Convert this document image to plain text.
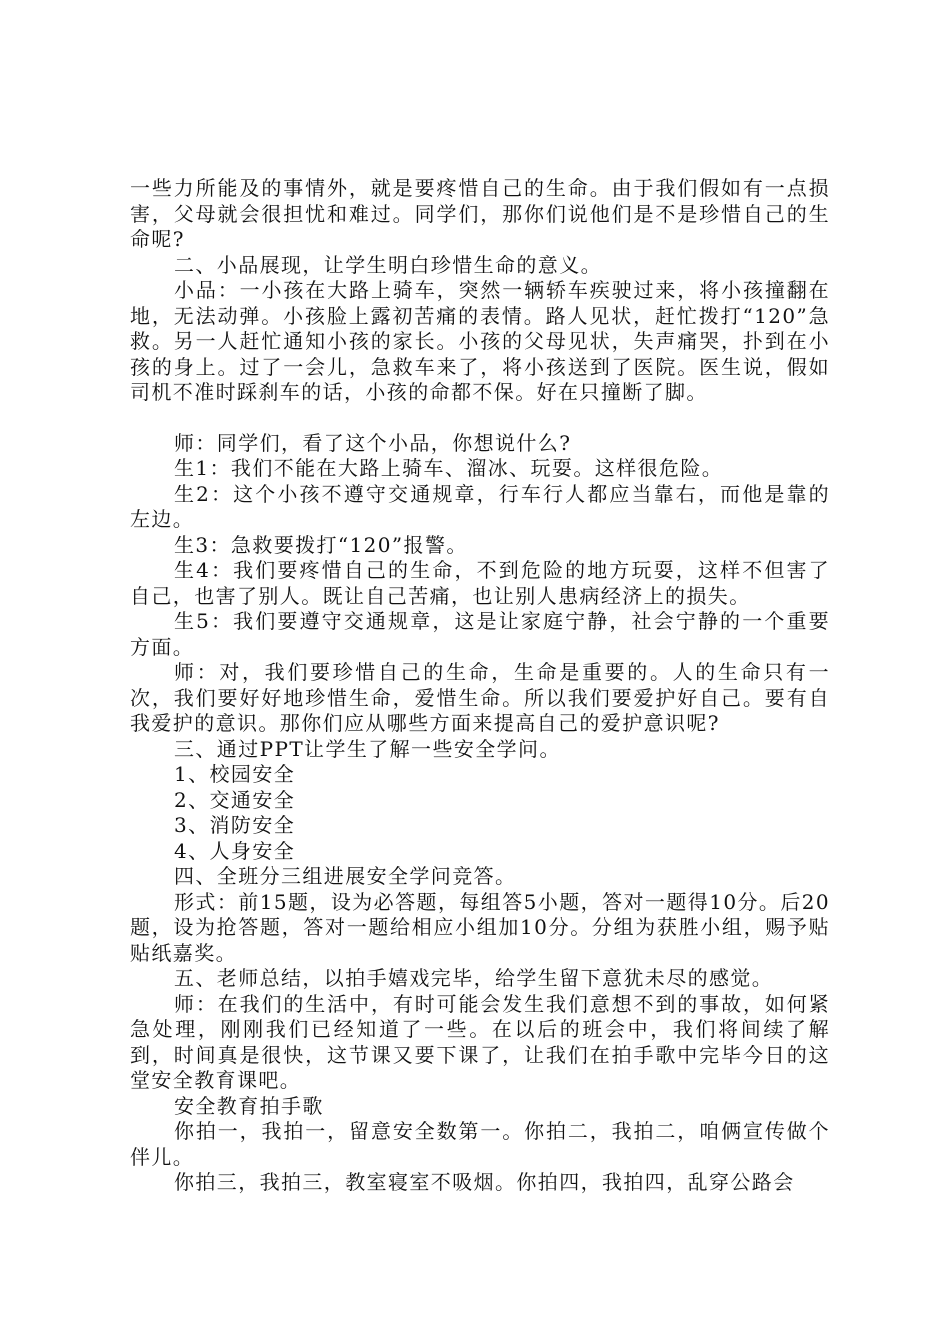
一些力所能及的事情外，就是要疼惜自己的生命。由于我们假如有一点损害，父母就会很担忧和难过。同学们，那你们说他们是不是珍惜自己的生命呢?

二、小品展现，让学生明白珍惜生命的意义。

小品：一小孩在大路上骑车，突然一辆轿车疾驶过来，将小孩撞翻在地，无法动弹。小孩脸上露初苦痛的表情。路人见状，赶忙拨打“120”急救。另一人赶忙通知小孩的家长。小孩的父母见状，失声痛哭，扑到在小孩的身上。过了一会儿，急救车来了，将小孩送到了医院。医生说，假如司机不准时踩刹车的话，小孩的命都不保。好在只撞断了脚。

师：同学们，看了这个小品，你想说什么?

生1：我们不能在大路上骑车、溜冰、玩耍。这样很危险。

生2：这个小孩不遵守交通规章，行车行人都应当靠右，而他是靠的左边。

生3：急救要拨打“120”报警。

生4：我们要疼惜自己的生命，不到危险的地方玩耍，这样不但害了自己，也害了别人。既让自己苦痛，也让别人患病经济上的损失。

生5：我们要遵守交通规章，这是让家庭宁静，社会宁静的一个重要方面。

师：对，我们要珍惜自己的生命，生命是重要的。人的生命只有一次，我们要好好地珍惜生命，爱惜生命。所以我们要爱护好自己。要有自我爱护的意识。那你们应从哪些方面来提高自己的爱护意识呢?

三、通过PPT让学生了解一些安全学问。

1、校园安全

2、交通安全

3、消防安全

4、人身安全

四、全班分三组进展安全学问竞答。

形式：前15题，设为必答题，每组答5小题，答对一题得10分。后20题，设为抢答题，答对一题给相应小组加10分。分组为获胜小组，赐予贴贴纸嘉奖。

五、老师总结，以拍手嬉戏完毕，给学生留下意犹未尽的感觉。

师：在我们的生活中，有时可能会发生我们意想不到的事故，如何紧急处理，刚刚我们已经知道了一些。在以后的班会中，我们将间续了解到，时间真是很快，这节课又要下课了，让我们在拍手歌中完毕今日的这堂安全教育课吧。

安全教育拍手歌

你拍一，我拍一，留意安全数第一。你拍二，我拍二，咱俩宣传做个伴儿。

你拍三，我拍三，教室寝室不吸烟。你拍四，我拍四，乱穿公路会
